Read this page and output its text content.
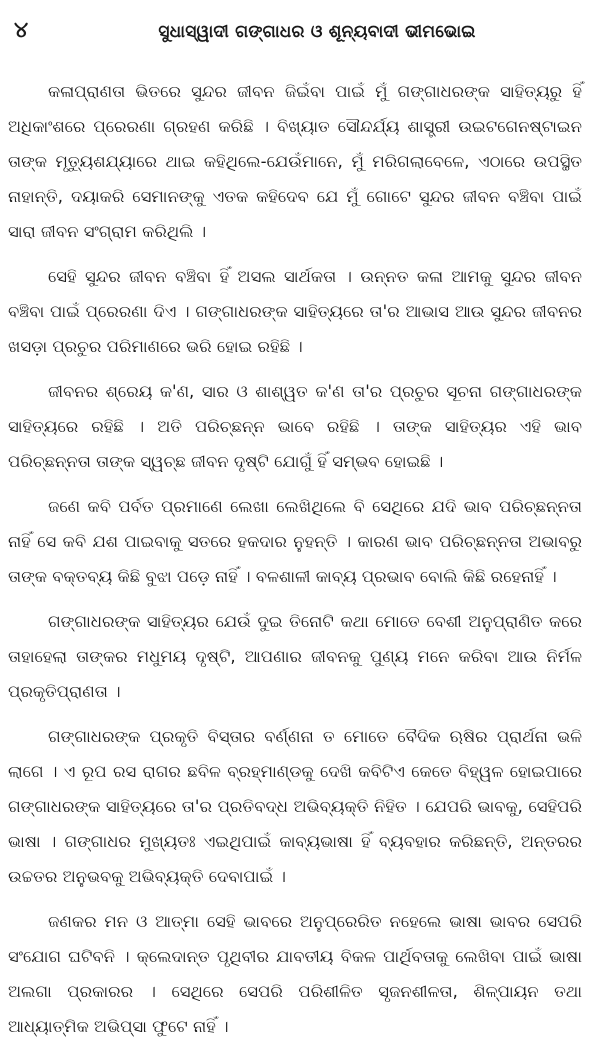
୪	ସୁଧାସ୍ୱାଦୀ ଗଙ୍ଗାଧର ଓ ଶୂନ୍ୟବାଦୀ ଭୀମଭୋଇ

କଳାପ୍ରାଣତା ଭିତରେ ସୁନ୍ଦର ଜୀବନ ଜିଇଁବା ପାଇଁ ମୁଁ ଗଙ୍ଗାଧରଙ୍କ ସାହିତ୍ୟରୁ ହିଁ ଅଧିକାଂଶରେ ପ୍ରେରଣା ଗ୍ରହଣ କରିଛି । ବିଖ୍ୟାତ ସୌନ୍ଦର୍ଯ୍ୟ ଶାସ୍ତ୍ରୀ ଉଇଟଗେନଷ୍ଟାଇନ ତାଙ୍କ ମୃତ୍ୟୁଶଯ୍ୟାରେ ଥାଇ କହିଥିଲେ-ଯେଉଁମାନେ, ମୁଁ ମରିଗଲାବେଳେ, ଏଠାରେ ଉପସ୍ଥିତ ନାହାନ୍ତି, ଦୟାକରି ସେମାନଙ୍କୁ ଏତକ କହିଦେବ ଯେ ମୁଁ ଗୋଟେ ସୁନ୍ଦର ଜୀବନ ବଞ୍ଚିବା ପାଇଁ ସାରା ଜୀବନ ସଂଗ୍ରାମ କରିଥିଲି ।

ସେହି ସୁନ୍ଦର ଜୀବନ ବଞ୍ଚିବା ହିଁ ଅସଲ ସାର୍ଥକତା । ଉନ୍ନତ କଳା ଆମକୁ ସୁନ୍ଦର ଜୀବନ ବଞ୍ଚିବା ପାଇଁ ପ୍ରେରଣା ଦିଏ । ଗଙ୍ଗାଧରଙ୍କ ସାହିତ୍ୟରେ ତା'ର ଆଭାସ ଆଉ ସୁନ୍ଦର ଜୀବନର ଖସଡ଼ା ପ୍ରଚୁର ପରିମାଣରେ ଭରି ହୋଇ ରହିଛି ।

ଜୀବନର ଶ୍ରେୟ କ'ଣ, ସାର ଓ ଶାଶ୍ୱତ କ'ଣ ତା'ର ପ୍ରଚୁର ସୂଚନା ଗଙ୍ଗାଧରଙ୍କ ସାହିତ୍ୟରେ ରହିଛି । ଅତି ପରିଚ୍ଛନ୍ନ ଭାବେ ରହିଛି । ତାଙ୍କ ସାହିତ୍ୟର ଏହି ଭାବ ପରିଚ୍ଛନ୍ନତା ତାଙ୍କ ସ୍ୱଚ୍ଛ ଜୀବନ ଦୃଷ୍ଟି ଯୋଗୁଁ ହିଁ ସମ୍ଭବ ହୋଇଛି ।

ଜଣେ କବି ପର୍ବତ ପ୍ରମାଣେ ଲେଖା ଲେଖିଥିଲେ ବି ସେଥିରେ ଯଦି ଭାବ ପରିଚ୍ଛନ୍ନତା ନାହିଁ ସେ କବି ଯଶ ପାଇବାକୁ ସତରେ ହକଦାର ନୁହନ୍ତି । କାରଣ ଭାବ ପରିଚ୍ଛନ୍ନତା ଅଭାବରୁ ତାଙ୍କ ବକ୍ତବ୍ୟ କିଛି ବୁଝା ପଡ଼େ ନାହିଁ । ବଳଶାଳୀ କାବ୍ୟ ପ୍ରଭାବ ବୋଲି କିଛି ରହେନାହିଁ ।

ଗଙ୍ଗାଧରଙ୍କ ସାହିତ୍ୟର ଯେଉଁ ଦୁଇ ତିନୋଟି କଥା ମୋତେ ବେଶୀ ଅନୁପ୍ରାଣିତ କରେ ତାହାହେଲା ତାଙ୍କର ମଧୁମୟ ଦୃଷ୍ଟି, ଆପଣାର ଜୀବନକୁ ପୁଣ୍ୟ ମନେ କରିବା ଆଉ ନିର୍ମଳ ପ୍ରକୃତିପ୍ରାଣତା ।

ଗଙ୍ଗାଧରଙ୍କ ପ୍ରକୃତି ବିସ୍ତାର ବର୍ଣ୍ଣନା ତ ମୋତେ ବୈଦିକ ଋଷିର ପ୍ରାର୍ଥନା ଭଳି ଲାଗେ । ଏ ରୂପ ରସ ରାଗର ଛବିଳ ବ୍ରହ୍ମାଣ୍ଡକୁ ଦେଖି କବିଟିଏ କେତେ ବିହ୍ୱଳ ହୋଇପାରେ ଗଙ୍ଗାଧରଙ୍କ ସାହିତ୍ୟରେ ତା'ର ପ୍ରତିବଦ୍ଧ ଅଭିବ୍ୟକ୍ତି ନିହିତ । ଯେପରି ଭାବକୁ, ସେହିପରି ଭାଷା । ଗଙ୍ଗାଧର ମୁଖ୍ୟତଃ ଏଇଥିପାଇଁ କାବ୍ୟଭାଷା ହିଁ ବ୍ୟବହାର କରିଛନ୍ତି, ଅନ୍ତରର ଉଚ୍ଚତର ଅନୁଭବକୁ ଅଭିବ୍ୟକ୍ତି ଦେବାପାଇଁ ।

ଜଣକର ମନ ଓ ଆତ୍ମା ସେହି ଭାବରେ ଅନୁପ୍ରେରିତ ନହେଲେ ଭାଷା ଭାବର ସେପରି ସଂଯୋଗ ଘଟିବନି । କ୍ଲେଦାନ୍ତ ପୃଥିବୀର ଯାବତୀୟ ବିକଳ ପାର୍ଥିବତାକୁ ଲେଖିବା ପାଇଁ ଭାଷା ଅଲଗା ପ୍ରକାରର । ସେଥିରେ ସେପରି ପରିଶୀଳିତ ସୃଜନଶୀଳତା, ଶିଳ୍ପାୟନ ତଥା ଆଧ୍ୟାତ୍ମିକ ଅଭିପ୍ସା ଫୁଟେ ନାହିଁ ।
